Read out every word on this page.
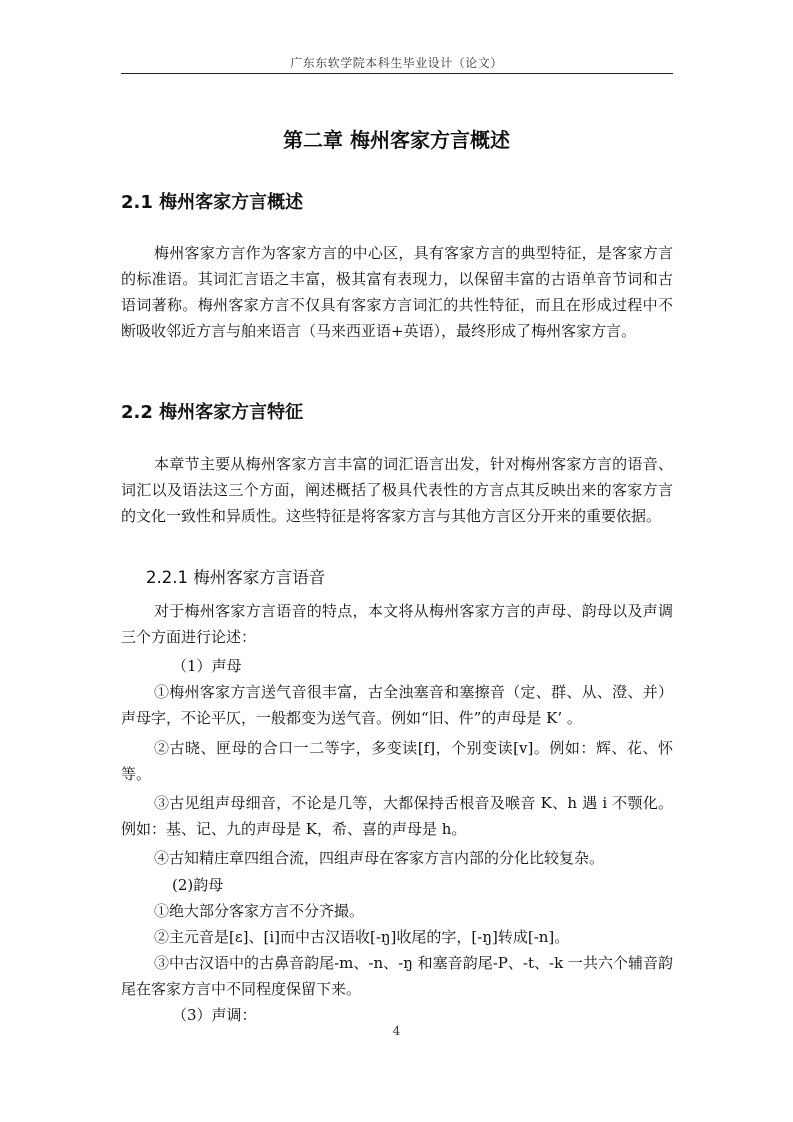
广东东软学院本科生毕业设计（论文）
第二章 梅州客家方言概述
2.1 梅州客家方言概述

梅州客家方言作为客家方言的中心区，具有客家方言的典型特征，是客家方言的标准语。其词汇言语之丰富，极其富有表现力，以保留丰富的古语单音节词和古语词著称。梅州客家方言不仅具有客家方言词汇的共性特征，而且在形成过程中不断吸收邻近方言与舶来语言（马来西亚语+英语），最终形成了梅州客家方言。

2.2 梅州客家方言特征

本章节主要从梅州客家方言丰富的词汇语言出发，针对梅州客家方言的语音、词汇以及语法这三个方面，阐述概括了极具代表性的方言点其反映出来的客家方言的文化一致性和异质性。这些特征是将客家方言与其他方言区分开来的重要依据。

2.2.1 梅州客家方言语音

对于梅州客家方言语音的特点，本文将从梅州客家方言的声母、韵母以及声调三个方面进行论述：

（1）声母

①梅州客家方言送气音很丰富，古全浊塞音和塞擦音（定、群、从、澄、并）声母字，不论平仄，一般都变为送气音。例如“旧、件”的声母是 K’ 。

②古晓、匣母的合口一二等字，多变读[f]，个别变读[v]。例如：辉、花、怀等。

③古见组声母细音，不论是几等，大都保持舌根音及喉音 K、h 遇 i 不颚化。例如：基、记、九的声母是 K，希、喜的声母是 h。

④古知精庄章四组合流，四组声母在客家方言内部的分化比较复杂。

(2)韵母

①绝大部分客家方言不分齐撮。

②主元音是[ɛ]、[i]而中古汉语收[-ŋ]收尾的字，[-ŋ]转成[-n]。

③中古汉语中的古鼻音韵尾-m、-n、-ŋ 和塞音韵尾-P、-t、-k 一共六个辅音韵尾在客家方言中不同程度保留下来。

（3）声调：
4
